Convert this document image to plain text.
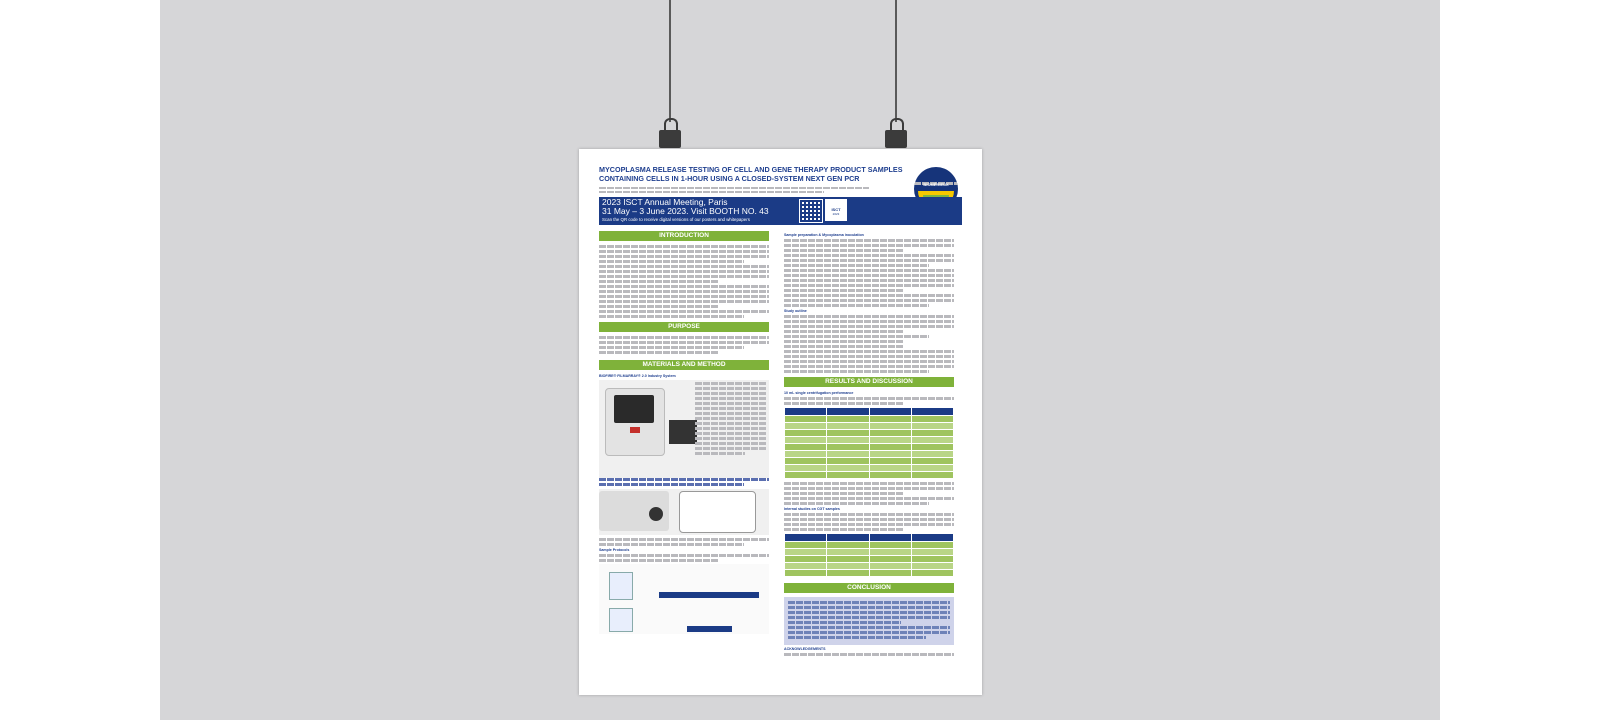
MYCOPLASMA RELEASE TESTING OF CELL AND GENE THERAPY PRODUCT SAMPLES CONTAINING CELLS IN 1-HOUR USING A CLOSED-SYSTEM NEXT GEN PCR
BIOMÉRIEUX
2023 ISCT Annual Meeting, Paris
31 May – 3 June 2023. Visit BOOTH NO. 43
Scan the QR code to receive digital versions of our posters and whitepapers
ISCT
2023
INTRODUCTION
PURPOSE
MATERIALS AND METHOD
BIOFIRE® FILMARRAY® 2.0 Industry System
Sample Protocols
Sample preparation & Mycoplasma inoculation
Study outline
RESULTS AND DISCUSSION
10 mL single centrifugation performance

Internal studies on CGT samples

CONCLUSION
ACKNOWLEDGEMENTS
